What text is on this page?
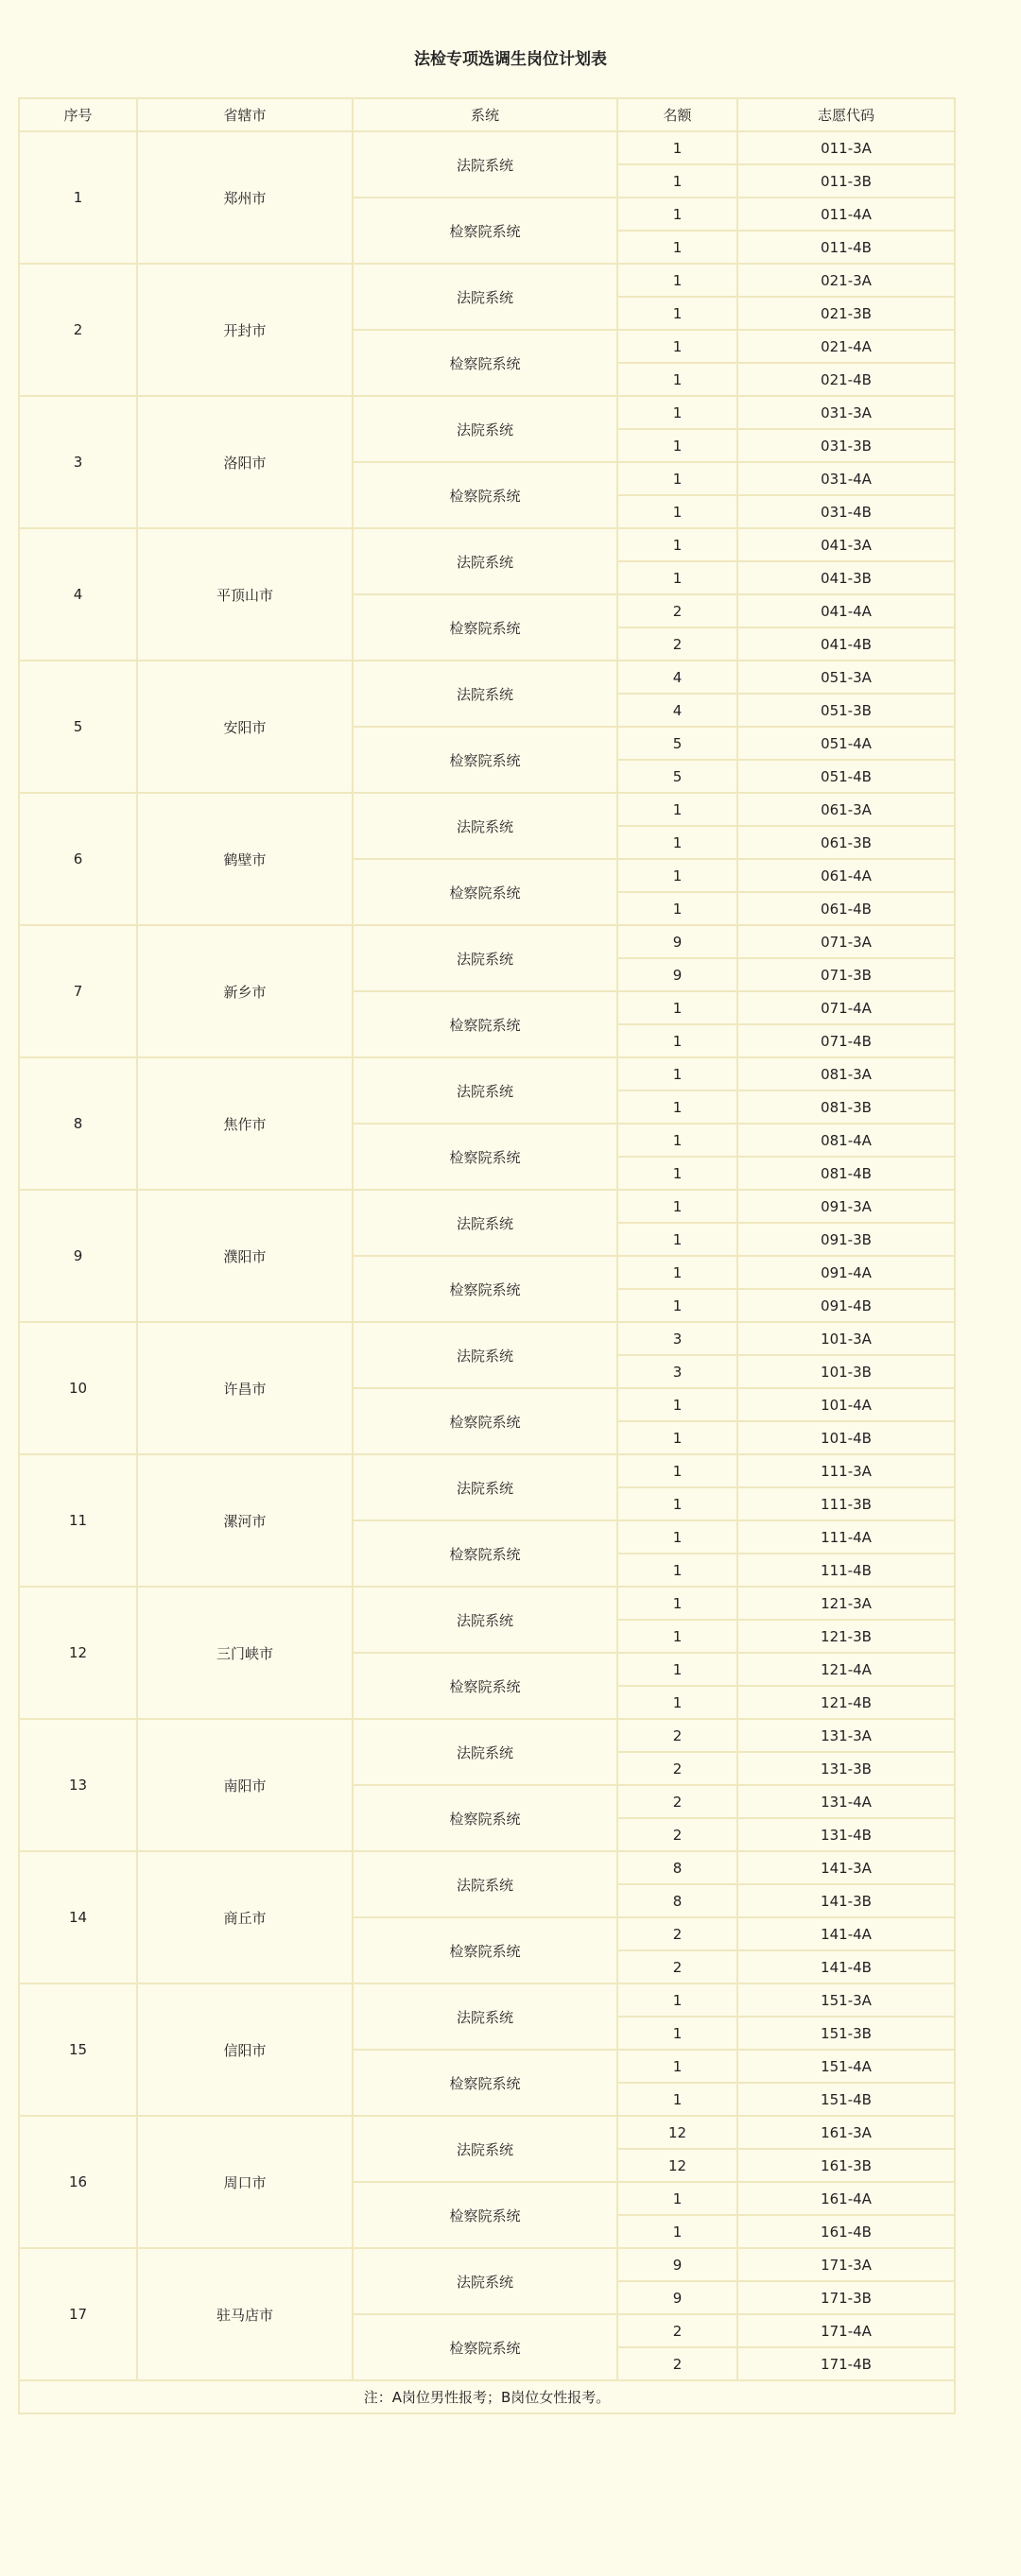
法检专项选调生岗位计划表
序号	省辖市	系统	名额	志愿代码
1	郑州市	法院系统	1	011-3A
			1	011-3B
		检察院系统	1	011-4A
			1	011-4B
2	开封市	法院系统	1	021-3A
			1	021-3B
		检察院系统	1	021-4A
			1	021-4B
3	洛阳市	法院系统	1	031-3A
			1	031-3B
		检察院系统	1	031-4A
			1	031-4B
4	平顶山市	法院系统	1	041-3A
			1	041-3B
		检察院系统	2	041-4A
			2	041-4B
5	安阳市	法院系统	4	051-3A
			4	051-3B
		检察院系统	5	051-4A
			5	051-4B
6	鹤壁市	法院系统	1	061-3A
			1	061-3B
		检察院系统	1	061-4A
			1	061-4B
7	新乡市	法院系统	9	071-3A
			9	071-3B
		检察院系统	1	071-4A
			1	071-4B
8	焦作市	法院系统	1	081-3A
			1	081-3B
		检察院系统	1	081-4A
			1	081-4B
9	濮阳市	法院系统	1	091-3A
			1	091-3B
		检察院系统	1	091-4A
			1	091-4B
10	许昌市	法院系统	3	101-3A
			3	101-3B
		检察院系统	1	101-4A
			1	101-4B
11	漯河市	法院系统	1	111-3A
			1	111-3B
		检察院系统	1	111-4A
			1	111-4B
12	三门峡市	法院系统	1	121-3A
			1	121-3B
		检察院系统	1	121-4A
			1	121-4B
13	南阳市	法院系统	2	131-3A
			2	131-3B
		检察院系统	2	131-4A
			2	131-4B
14	商丘市	法院系统	8	141-3A
			8	141-3B
		检察院系统	2	141-4A
			2	141-4B
15	信阳市	法院系统	1	151-3A
			1	151-3B
		检察院系统	1	151-4A
			1	151-4B
16	周口市	法院系统	12	161-3A
			12	161-3B
		检察院系统	1	161-4A
			1	161-4B
17	驻马店市	法院系统	9	171-3A
			9	171-3B
		检察院系统	2	171-4A
			2	171-4B
注：A岗位男性报考；B岗位女性报考。				
